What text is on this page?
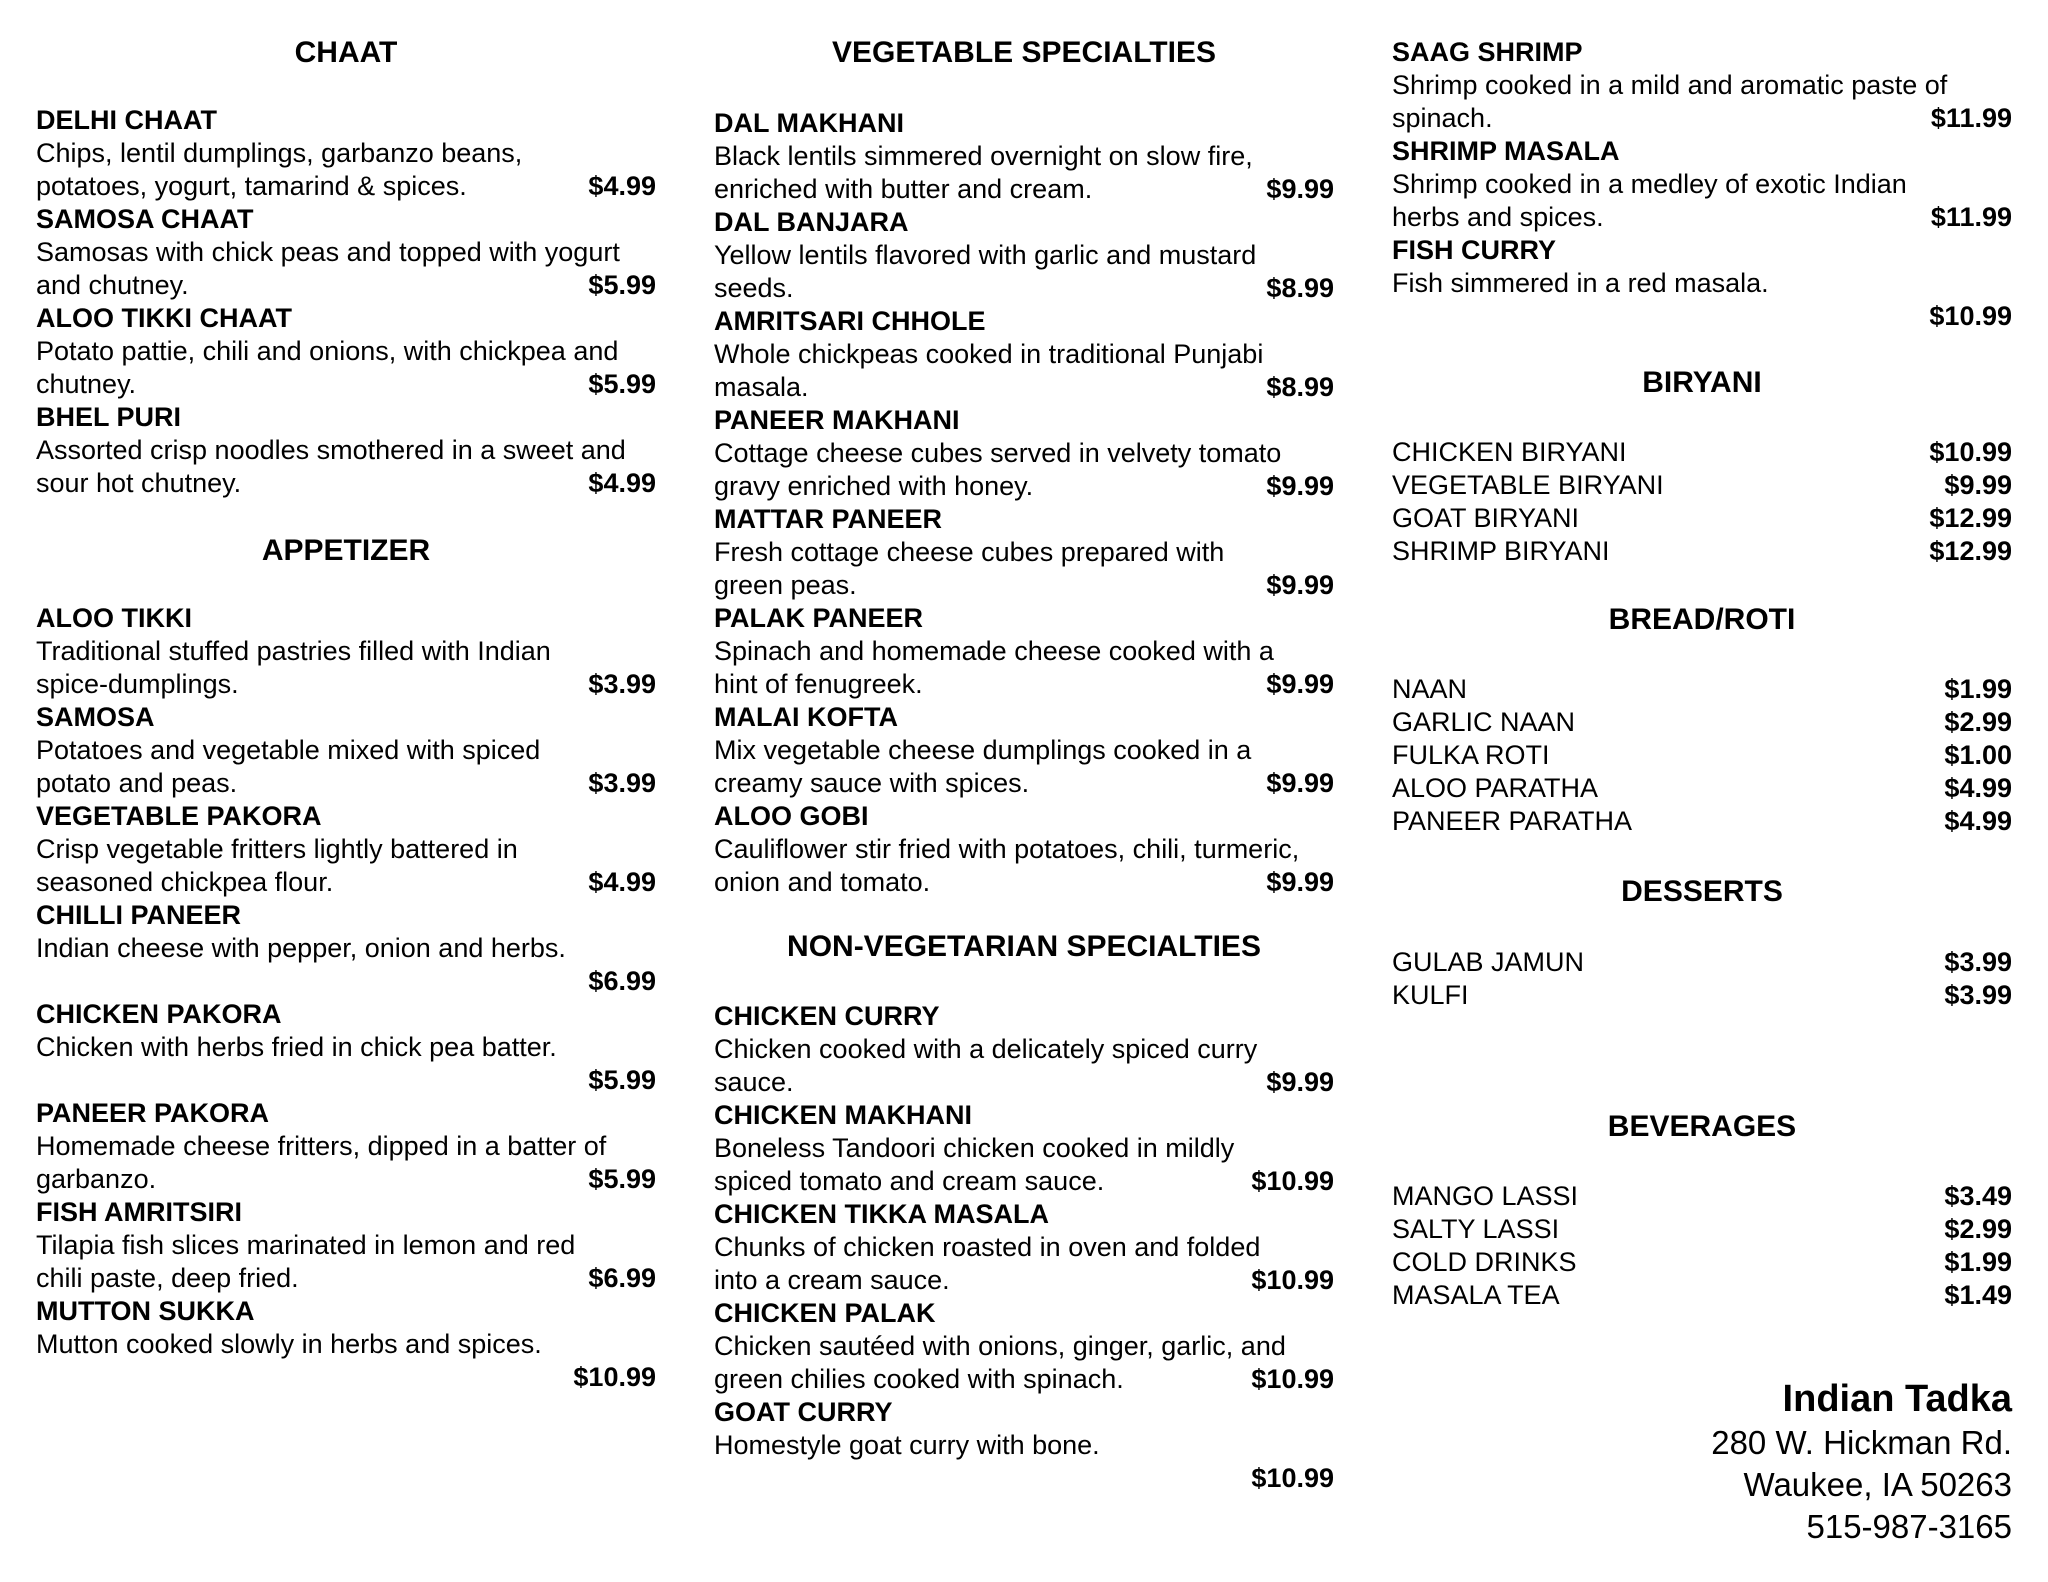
CHAAT
DELHI CHAAT
Chips, lentil dumplings, garbanzo beans,
potatoes, yogurt, tamarind & spices.	$4.99
SAMOSA CHAAT
Samosas with chick peas and topped with yogurt
and chutney.	$5.99
ALOO TIKKI CHAAT
Potato pattie, chili and onions, with chickpea and
chutney.	$5.99
BHEL PURI
Assorted crisp noodles smothered in a sweet and
sour hot chutney.	$4.99
APPETIZER
ALOO TIKKI
Traditional stuffed pastries filled with Indian
spice-dumplings.	$3.99
SAMOSA
Potatoes and vegetable mixed with spiced
potato and peas.	$3.99
VEGETABLE PAKORA
Crisp vegetable fritters lightly battered in
seasoned chickpea flour.	$4.99
CHILLI PANEER
Indian cheese with pepper, onion and herbs.
$6.99
CHICKEN PAKORA
Chicken with herbs fried in chick pea batter.
$5.99
PANEER PAKORA
Homemade cheese fritters, dipped in a batter of
garbanzo.	$5.99
FISH AMRITSIRI
Tilapia fish slices marinated in lemon and red
chili paste, deep fried.	$6.99
MUTTON SUKKA
Mutton cooked slowly in herbs and spices.
$10.99
VEGETABLE SPECIALTIES
DAL MAKHANI
Black lentils simmered overnight on slow fire,
enriched with butter and cream.	$9.99
DAL BANJARA
Yellow lentils flavored with garlic and mustard
seeds.	$8.99
AMRITSARI CHHOLE
Whole chickpeas cooked in traditional Punjabi
masala.	$8.99
PANEER MAKHANI
Cottage cheese cubes served in velvety tomato
gravy enriched with honey.	$9.99
MATTAR PANEER
Fresh cottage cheese cubes prepared with
green peas.	$9.99
PALAK PANEER
Spinach and homemade cheese cooked with a
hint of fenugreek.	$9.99
MALAI KOFTA
Mix vegetable cheese dumplings cooked in a
creamy sauce with spices.	$9.99
ALOO GOBI
Cauliflower stir fried with potatoes, chili, turmeric,
onion and tomato.	$9.99
NON-VEGETARIAN SPECIALTIES
CHICKEN CURRY
Chicken cooked with a delicately spiced curry
sauce.	$9.99
CHICKEN MAKHANI
Boneless Tandoori chicken cooked in mildly
spiced tomato and cream sauce.	$10.99
CHICKEN TIKKA MASALA
Chunks of chicken roasted in oven and folded
into a cream sauce.	$10.99
CHICKEN PALAK
Chicken sautéed with onions, ginger, garlic, and
green chilies cooked with spinach.	$10.99
GOAT CURRY
Homestyle goat curry with bone.
$10.99
SAAG SHRIMP
Shrimp cooked in a mild and aromatic paste of
spinach.	$11.99
SHRIMP MASALA
Shrimp cooked in a medley of exotic Indian
herbs and spices.	$11.99
FISH CURRY
Fish simmered in a red masala.
$10.99
BIRYANI
CHICKEN BIRYANI	$10.99
VEGETABLE BIRYANI	$9.99
GOAT BIRYANI	$12.99
SHRIMP BIRYANI	$12.99
BREAD/ROTI
NAAN	$1.99
GARLIC NAAN	$2.99
FULKA ROTI	$1.00
ALOO PARATHA	$4.99
PANEER PARATHA	$4.99
DESSERTS
GULAB JAMUN	$3.99
KULFI	$3.99
BEVERAGES
MANGO LASSI	$3.49
SALTY LASSI	$2.99
COLD DRINKS	$1.99
MASALA TEA	$1.49
Indian Tadka
280 W. Hickman Rd.
Waukee, IA 50263
515-987-3165
